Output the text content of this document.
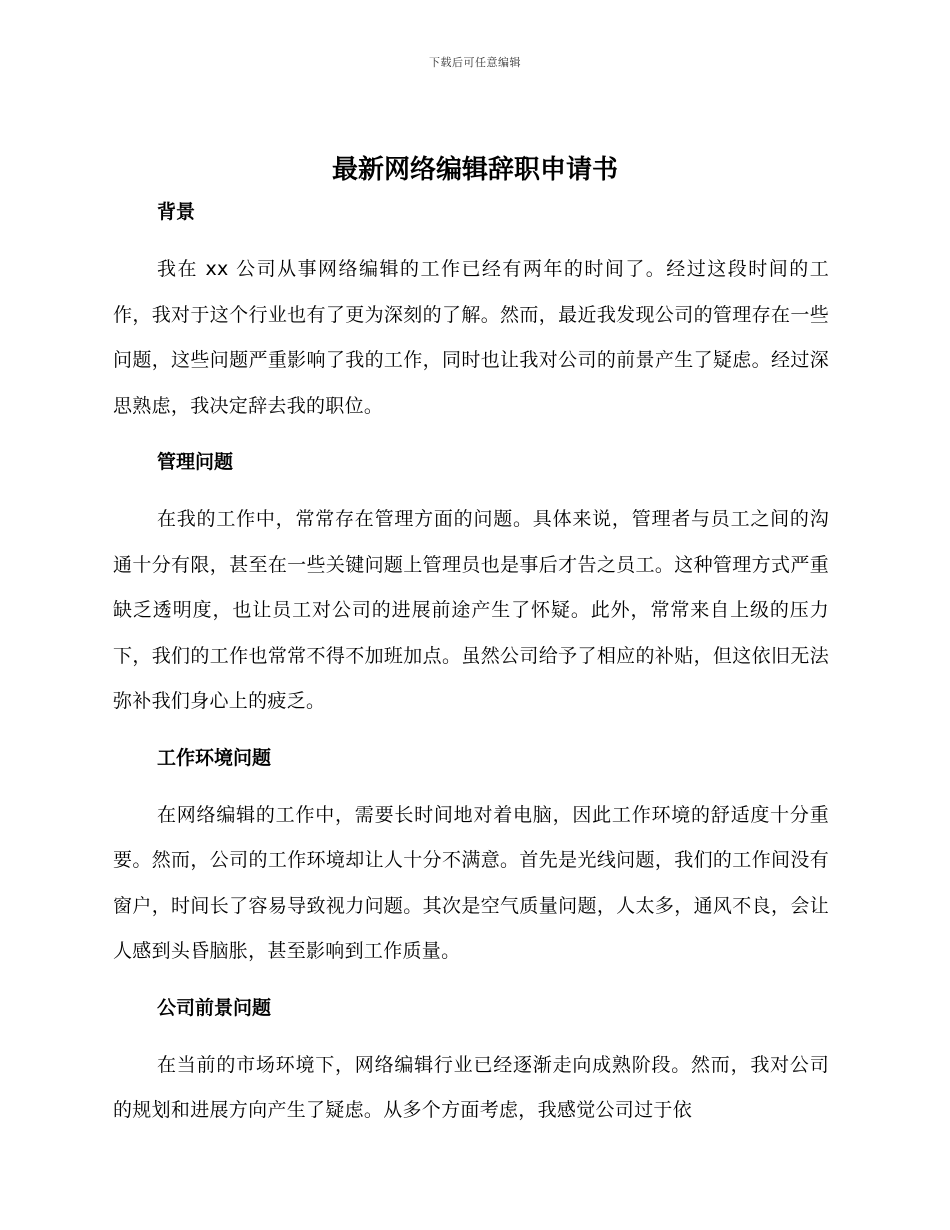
下载后可任意编辑
最新网络编辑辞职申请书
背景

我在 xx 公司从事网络编辑的工作已经有两年的时间了。经过这段时间的工作，我对于这个行业也有了更为深刻的了解。然而，最近我发现公司的管理存在一些问题，这些问题严重影响了我的工作，同时也让我对公司的前景产生了疑虑。经过深思熟虑，我决定辞去我的职位。

管理问题

在我的工作中，常常存在管理方面的问题。具体来说，管理者与员工之间的沟通十分有限，甚至在一些关键问题上管理员也是事后才告之员工。这种管理方式严重缺乏透明度，也让员工对公司的进展前途产生了怀疑。此外，常常来自上级的压力下，我们的工作也常常不得不加班加点。虽然公司给予了相应的补贴，但这依旧无法弥补我们身心上的疲乏。

工作环境问题

在网络编辑的工作中，需要长时间地对着电脑，因此工作环境的舒适度十分重要。然而，公司的工作环境却让人十分不满意。首先是光线问题，我们的工作间没有窗户，时间长了容易导致视力问题。其次是空气质量问题，人太多，通风不良，会让人感到头昏脑胀，甚至影响到工作质量。

公司前景问题

在当前的市场环境下，网络编辑行业已经逐渐走向成熟阶段。然而，我对公司的规划和进展方向产生了疑虑。从多个方面考虑，我感觉公司过于依
